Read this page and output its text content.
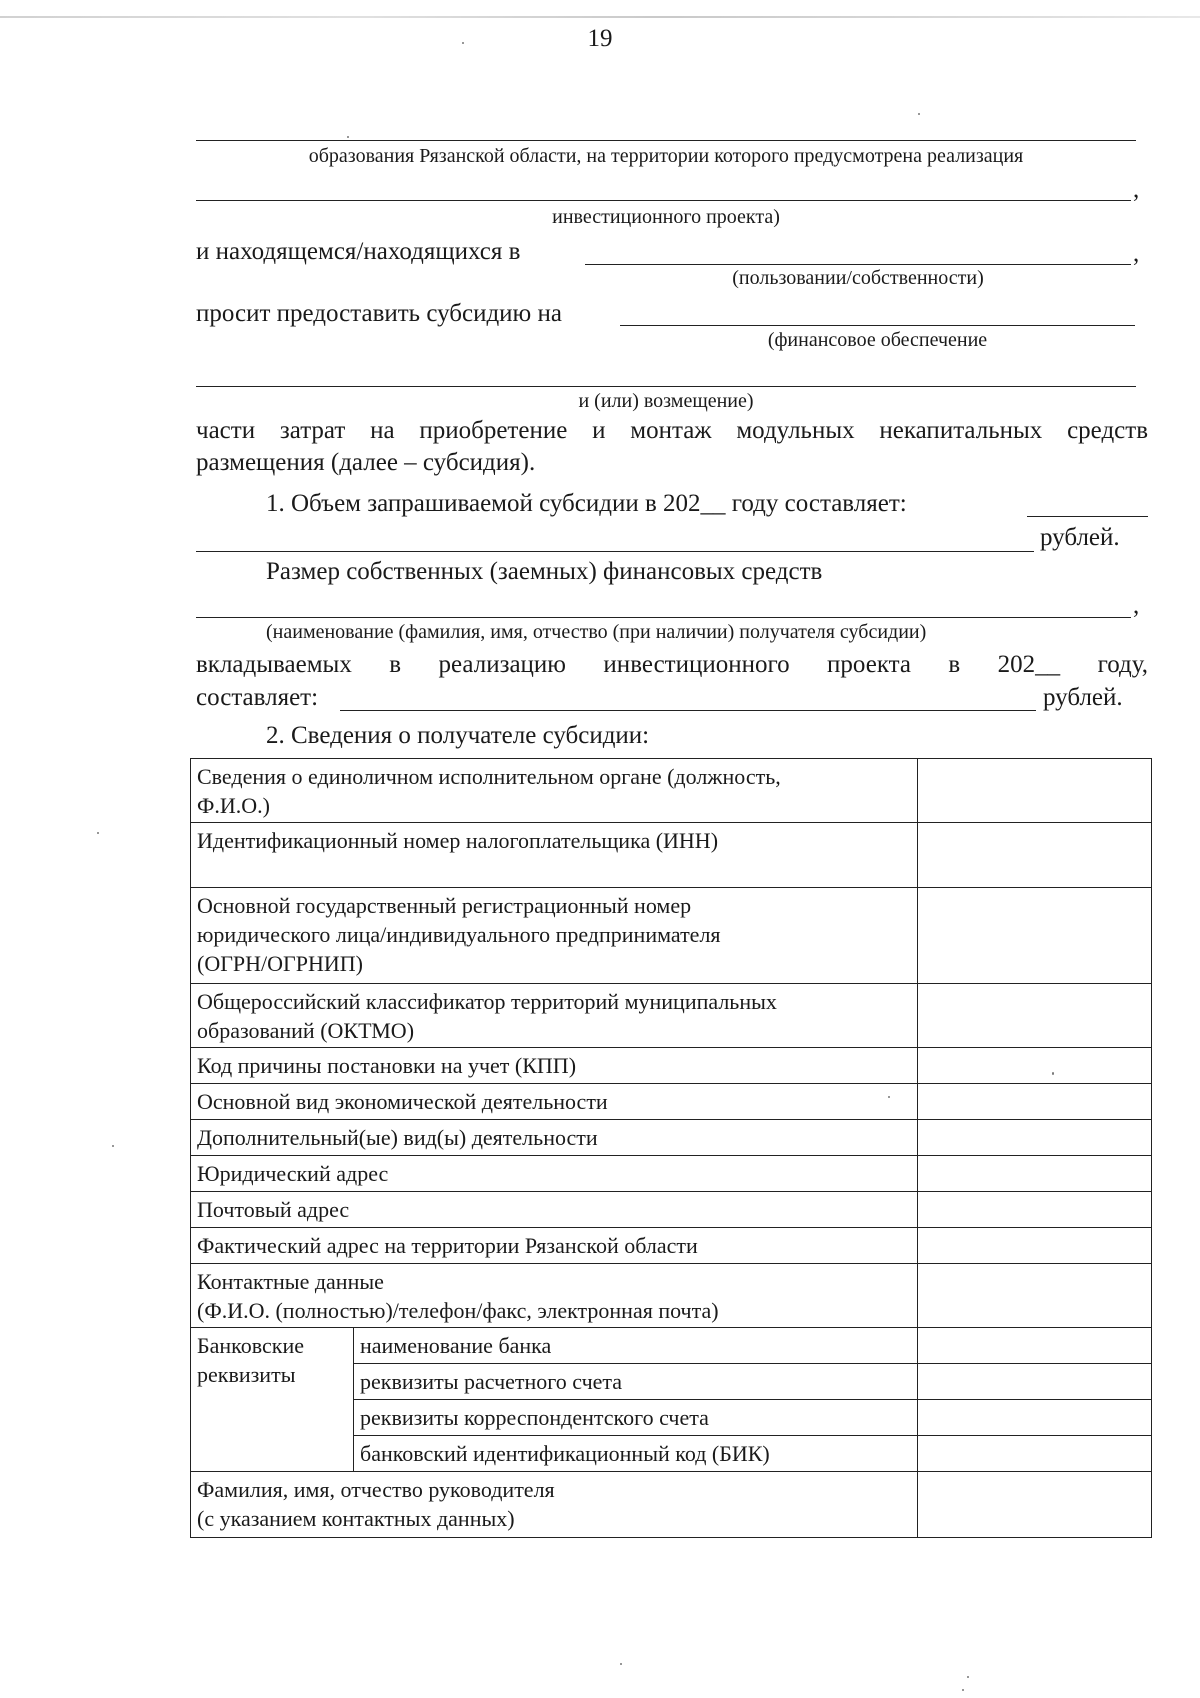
19
образования Рязанской области, на территории которого предусмотрена реализация
,
инвестиционного проекта)
и находящемся/находящихся в	,
(пользовании/собственности)
просит предоставить субсидию на
(финансовое обеспечение
и (или) возмещение)
части затрат на приобретение и монтаж модульных некапитальных средств
размещения (далее – субсидия).
1. Объем запрашиваемой субсидии в 202__ году составляет:
рублей.
Размер собственных (заемных) финансовых средств
,
(наименование (фамилия, имя, отчество (при наличии) получателя субсидии)
вкладываемых в реализацию инвестиционного проекта в 202__ году,
составляет:	рублей.
2. Сведения о получателе субсидии:
Сведения о единоличном исполнительном органе (должность,
Ф.И.О.)		
Идентификационный номер налогоплательщика (ИНН)		
Основной государственный регистрационный номер
юридического лица/индивидуального предпринимателя
(ОГРН/ОГРНИП)		
Общероссийский классификатор территорий муниципальных
образований (ОКТМО)		
Код причины постановки на учет (КПП)		
Основной вид экономической деятельности		
Дополнительный(ые) вид(ы) деятельности		
Юридический адрес		
Почтовый адрес		
Фактический адрес на территории Рязанской области		
Контактные данные
(Ф.И.О. (полностью)/телефон/факс, электронная почта)		
Банковские
реквизиты	наименование банка	
	реквизиты расчетного счета	
	реквизиты корреспондентского счета	
	банковский идентификационный код (БИК)	
Фамилия, имя, отчество руководителя
(с указанием контактных данных)		
